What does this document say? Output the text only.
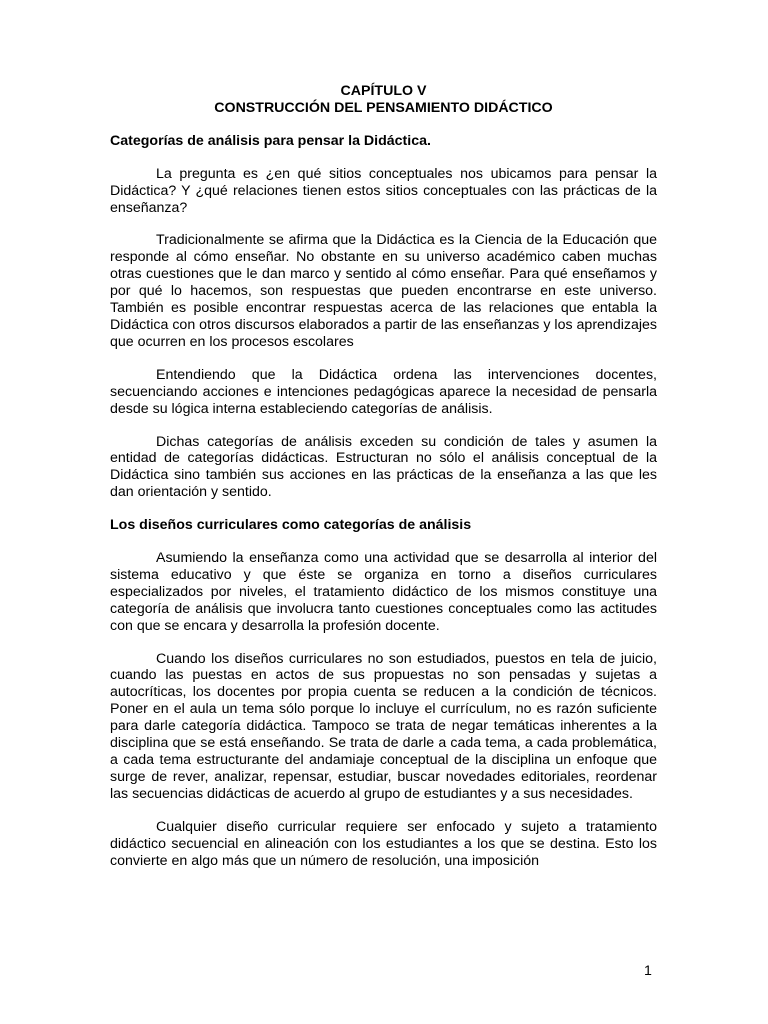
CAPÍTULO V

CONSTRUCCIÓN DEL PENSAMIENTO DIDÁCTICO

Categorías de análisis para pensar la Didáctica.

La pregunta es ¿en qué sitios conceptuales nos ubicamos para pensar la Didáctica? Y ¿qué relaciones tienen estos sitios conceptuales con las prácticas de la enseñanza?

Tradicionalmente se afirma que la Didáctica es la Ciencia de la Educación que responde al cómo enseñar. No obstante en su universo académico caben muchas otras cuestiones que le dan marco y sentido al cómo enseñar. Para qué enseñamos y por qué lo hacemos, son respuestas que pueden encontrarse en este universo. También es posible encontrar respuestas acerca de las relaciones que entabla la Didáctica con otros discursos elaborados a partir de las enseñanzas y los aprendizajes que ocurren en los procesos escolares

Entendiendo que la Didáctica ordena las intervenciones docentes, secuenciando acciones e intenciones pedagógicas aparece la necesidad de pensarla desde su lógica interna estableciendo categorías de análisis.

Dichas categorías de análisis exceden su condición de tales y asumen la entidad de categorías didácticas. Estructuran no sólo el análisis conceptual de la Didáctica sino también sus acciones en las prácticas de la enseñanza a las que les dan orientación y sentido.

Los diseños curriculares como categorías de análisis

Asumiendo la enseñanza como una actividad que se desarrolla al interior del sistema educativo y que éste se organiza en torno a diseños curriculares especializados por niveles, el tratamiento didáctico de los mismos constituye una categoría de análisis que involucra tanto cuestiones conceptuales como las actitudes con que se encara y desarrolla la profesión docente.

Cuando los diseños curriculares no son estudiados, puestos en tela de juicio, cuando las puestas en actos de sus propuestas no son pensadas y sujetas a autocríticas, los docentes por propia cuenta se reducen a la condición de técnicos. Poner en el aula un tema sólo porque lo incluye el currículum, no es razón suficiente para darle categoría didáctica. Tampoco se trata de negar temáticas inherentes a la disciplina que se está enseñando. Se trata de darle a cada tema, a cada problemática, a cada tema estructurante del andamiaje conceptual de la disciplina un enfoque que surge de rever, analizar, repensar, estudiar, buscar novedades editoriales, reordenar las secuencias didácticas de acuerdo al grupo de estudiantes y a sus necesidades.

Cualquier diseño curricular requiere ser enfocado y sujeto a tratamiento didáctico secuencial en alineación con los estudiantes a los que se destina. Esto los convierte en algo más que un número de resolución, una imposición

1
